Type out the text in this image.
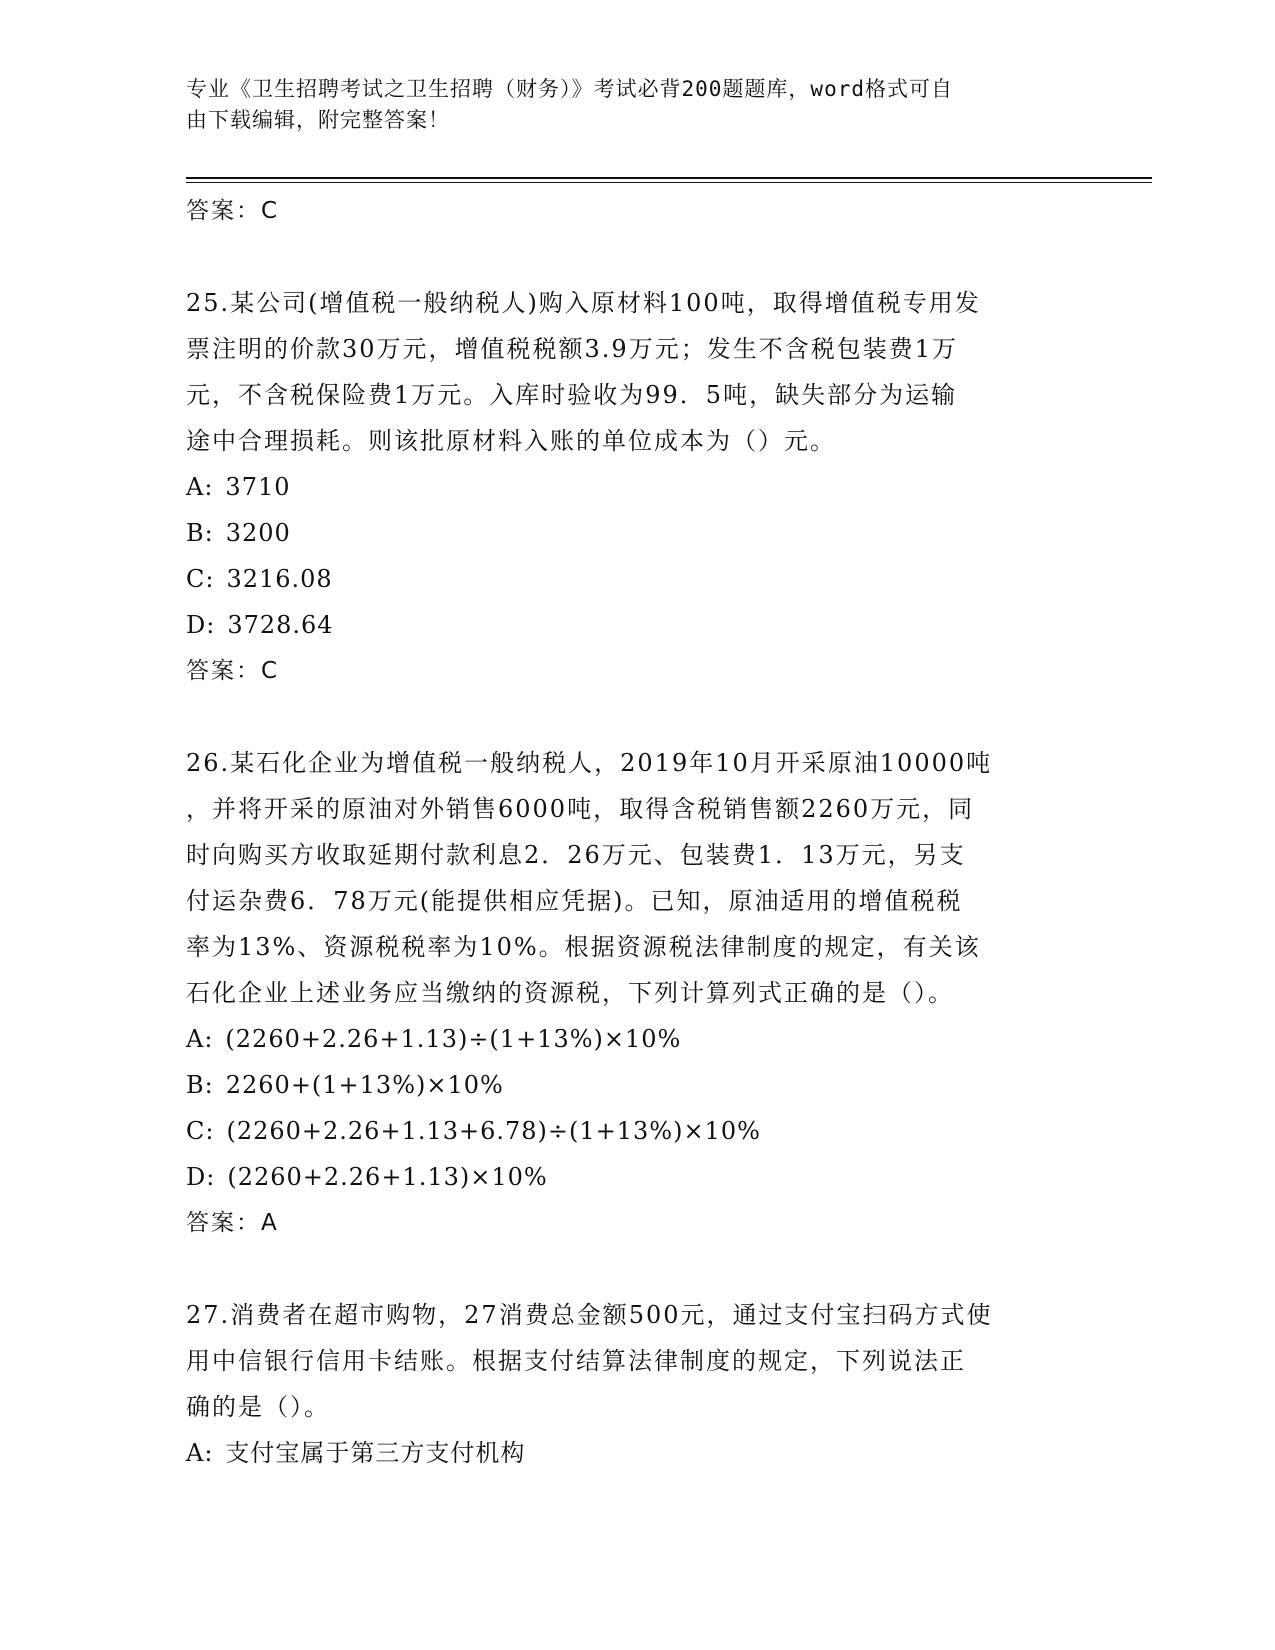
专业《卫生招聘考试之卫生招聘（财务）》考试必背200题题库，word格式可自
由下载编辑，附完整答案！
答案：C
25.某公司(增值税一般纳税人)购入原材料100吨，取得增值税专用发
票注明的价款30万元，增值税税额3.9万元；发生不含税包装费1万
元，不含税保险费1万元。入库时验收为99．5吨，缺失部分为运输
途中合理损耗。则该批原材料入账的单位成本为（）元。
A: 3710
B: 3200
C: 3216.08
D: 3728.64
答案：C
26.某石化企业为增值税一般纳税人，2019年10月开采原油10000吨
，并将开采的原油对外销售6000吨，取得含税销售额2260万元，同
时向购买方收取延期付款利息2．26万元、包装费1．13万元，另支
付运杂费6．78万元(能提供相应凭据)。已知，原油适用的增值税税
率为13%、资源税税率为10%。根据资源税法律制度的规定，有关该
石化企业上述业务应当缴纳的资源税，下列计算列式正确的是（）。
A: (2260+2.26+1.13)÷(1+13%)×10%
B: 2260+(1+13%)×10%
C: (2260+2.26+1.13+6.78)÷(1+13%)×10%
D: (2260+2.26+1.13)×10%
答案：A
27.消费者在超市购物，27消费总金额500元，通过支付宝扫码方式使
用中信银行信用卡结账。根据支付结算法律制度的规定，下列说法正
确的是（）。
A: 支付宝属于第三方支付机构
